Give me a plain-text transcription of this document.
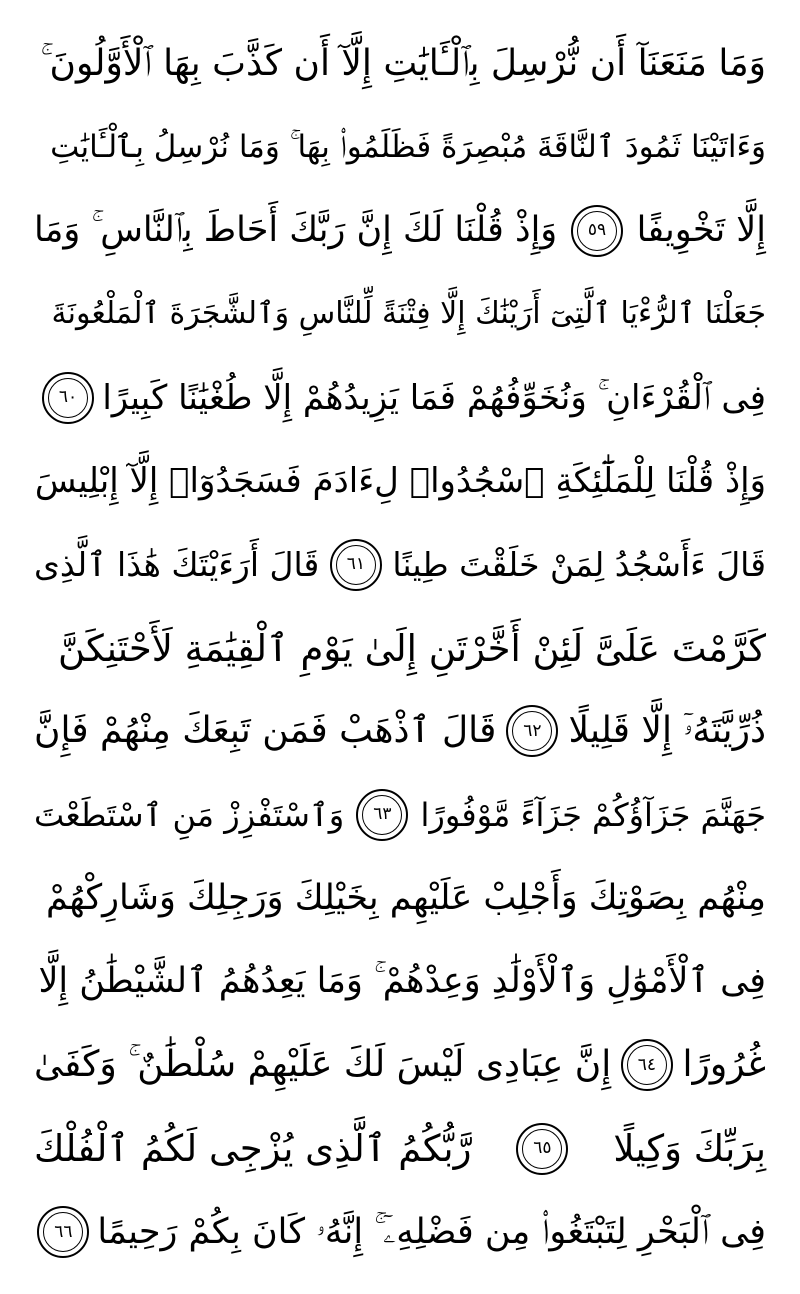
وَمَا مَنَعَنَآ أَن نُّرْسِلَ بِٱلْـَٔايَٰتِ إِلَّآ أَن كَذَّبَ بِهَا ٱلْأَوَّلُونَ ۚ
وَءَاتَيْنَا ثَمُودَ ٱلنَّاقَةَ مُبْصِرَةً فَظَلَمُوا۟ بِهَا ۚ وَمَا نُرْسِلُ بِٱلْـَٔايَٰتِ
إِلَّا تَخْوِيفًا
٥٩
وَإِذْ قُلْنَا لَكَ إِنَّ رَبَّكَ أَحَاطَ بِٱلنَّاسِ ۚ وَمَا
جَعَلْنَا ٱلرُّءْيَا ٱلَّتِىٓ أَرَيْنَٰكَ إِلَّا فِتْنَةً لِّلنَّاسِ وَٱلشَّجَرَةَ ٱلْمَلْعُونَةَ
فِى ٱلْقُرْءَانِ ۚ وَنُخَوِّفُهُمْ فَمَا يَزِيدُهُمْ إِلَّا طُغْيَٰنًا كَبِيرًا
٦٠
وَإِذْ قُلْنَا لِلْمَلَٰٓئِكَةِ ٱسْجُدُوا۟ لِءَادَمَ فَسَجَدُوٓا۟ إِلَّآ إِبْلِيسَ
قَالَ ءَأَسْجُدُ لِمَنْ خَلَقْتَ طِينًا
٦١
قَالَ أَرَءَيْتَكَ هَٰذَا ٱلَّذِى
كَرَّمْتَ عَلَىَّ لَئِنْ أَخَّرْتَنِ إِلَىٰ يَوْمِ ٱلْقِيَٰمَةِ لَأَحْتَنِكَنَّ
ذُرِّيَّتَهُۥٓ إِلَّا قَلِيلًا
٦٢
قَالَ ٱذْهَبْ فَمَن تَبِعَكَ مِنْهُمْ فَإِنَّ
جَهَنَّمَ جَزَآؤُكُمْ جَزَآءً مَّوْفُورًا
٦٣
وَٱسْتَفْزِزْ مَنِ ٱسْتَطَعْتَ
مِنْهُم بِصَوْتِكَ وَأَجْلِبْ عَلَيْهِم بِخَيْلِكَ وَرَجِلِكَ وَشَارِكْهُمْ
فِى ٱلْأَمْوَٰلِ وَٱلْأَوْلَٰدِ وَعِدْهُمْ ۚ وَمَا يَعِدُهُمُ ٱلشَّيْطَٰنُ إِلَّا
غُرُورًا
٦٤
إِنَّ عِبَادِى لَيْسَ لَكَ عَلَيْهِمْ سُلْطَٰنٌ ۚ وَكَفَىٰ
بِرَبِّكَ وَكِيلًا
٦٥
رَّبُّكُمُ ٱلَّذِى يُزْجِى لَكُمُ ٱلْفُلْكَ
فِى ٱلْبَحْرِ لِتَبْتَغُوا۟ مِن فَضْلِهِۦٓ ۚ إِنَّهُۥ كَانَ بِكُمْ رَحِيمًا
٦٦
